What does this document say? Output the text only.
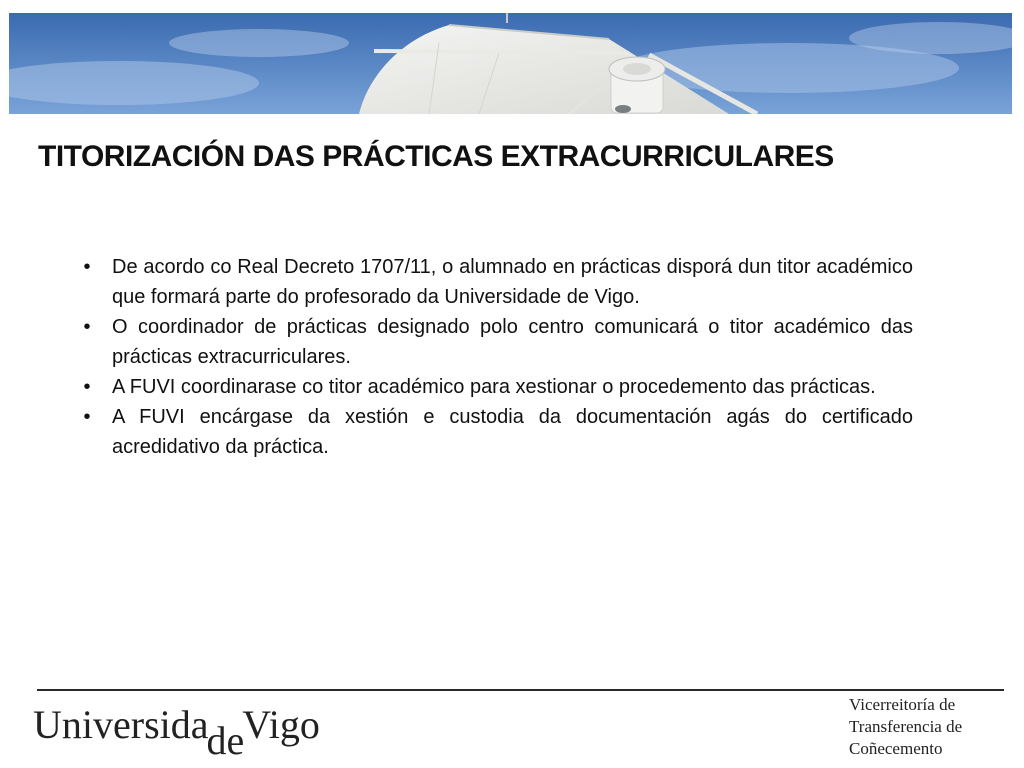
TITORIZACIÓN DAS PRÁCTICAS EXTRACURRICULARES
• De acordo co Real Decreto 1707/11, o alumnado en prácticas disporá dun titor académico que formará parte do profesorado da Universidade de Vigo.
• O coordinador de prácticas designado polo centro comunicará o titor académico das prácticas extracurriculares.
• A FUVI coordinarase co titor académico para xestionar o procedemento das prácticas.
• A FUVI encárgase da xestión e custodia da documentación agás do certificado acredidativo da práctica.
UniversidadeVigo	Vicerreitoría de
Transferencia de
Coñecemento
